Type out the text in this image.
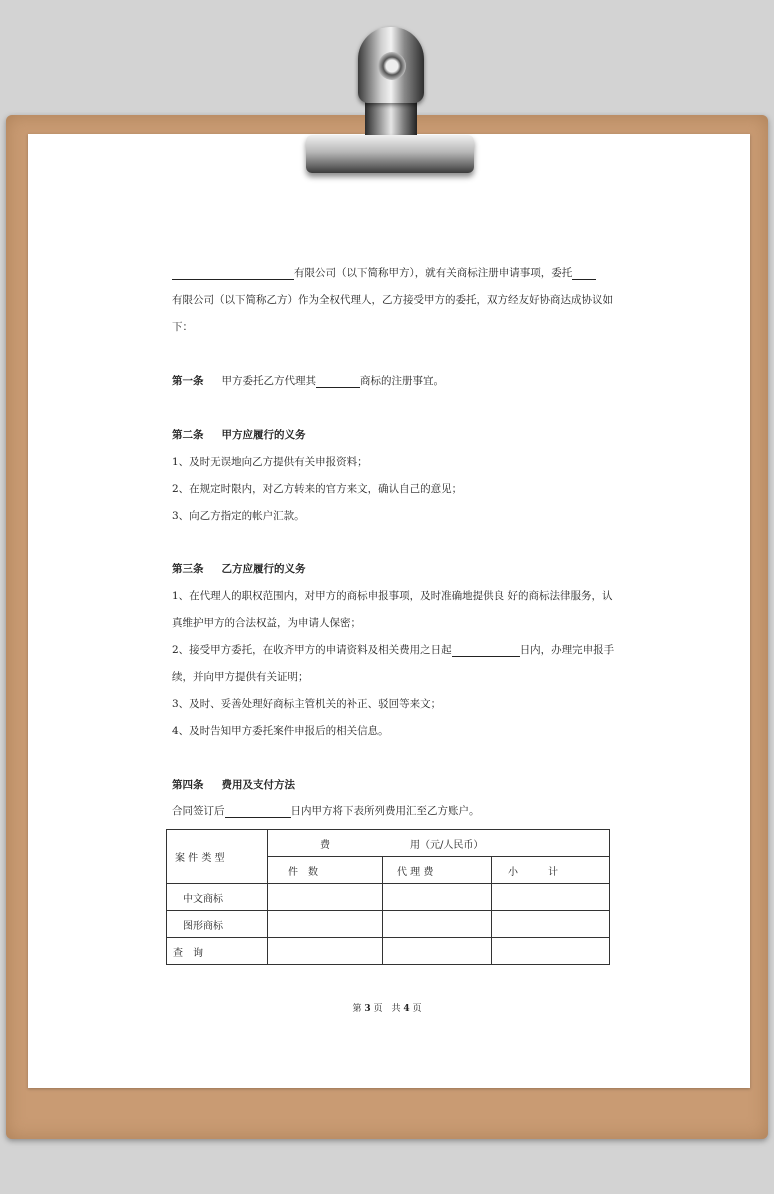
有限公司（以下简称甲方），就有关商标注册申请事项，委托
有限公司（以下简称乙方）作为全权代理人，乙方接受甲方的委托，双方经友好协商达成协议如
下：
第一条 甲方委托乙方代理其	商标的注册事宜。
第二条 甲方应履行的义务
1、及时无误地向乙方提供有关申报资料；
2、在规定时限内，对乙方转来的官方来文，确认自己的意见；
3、向乙方指定的帐户汇款。
第三条 乙方应履行的义务
1、在代理人的职权范围内，对甲方的商标申报事项，及时准确地提供良 好的商标法律服务，认
真维护甲方的合法权益，为申请人保密；
2、接受甲方委托，在收齐甲方的申请资料及相关费用之日起	日内，办理完申报手
续，并向甲方提供有关证明；
3、及时、妥善处理好商标主管机关的补正、驳回等来文；
4、及时告知甲方委托案件申报后的相关信息。
第四条 费用及支付方法
合同签订后	日内甲方将下表所列费用汇至乙方账户。
案 件 类 型	费 用（元/人民币）		
	件　数	代 理 费	小 计
中文商标			
图形商标			
查　询			
第 3 页　共 4 页
